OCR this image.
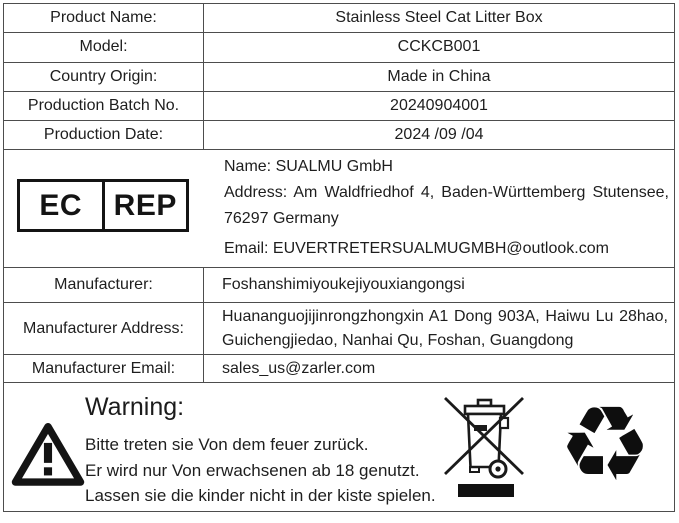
Product Name:	Stainless Steel Cat Litter Box
Model:	CCKCB001
Country Origin:	Made in China
Production Batch No.	20240904001
Production Date:	2024 /09 /04
EC	REP
Name: SUALMU GmbH
Address: Am Waldfriedhof 4, Baden-Württemberg Stutensee,
76297 Germany
Email: EUVERTRETERSUALMUGMBH@outlook.com
Manufacturer:	Foshanshimiyoukejiyouxiangongsi
Manufacturer Address:
Huananguojijinrongzhongxin A1 Dong 903A, Haiwu Lu 28hao,
Guichengjiedao, Nanhai Qu, Foshan, Guangdong
Manufacturer Email:	sales_us@zarler.com
Warning:
Bitte treten sie Von dem feuer zurück.
Er wird nur Von erwachsenen ab 18 genutzt.
Lassen sie die kinder nicht in der kiste spielen. ♻
